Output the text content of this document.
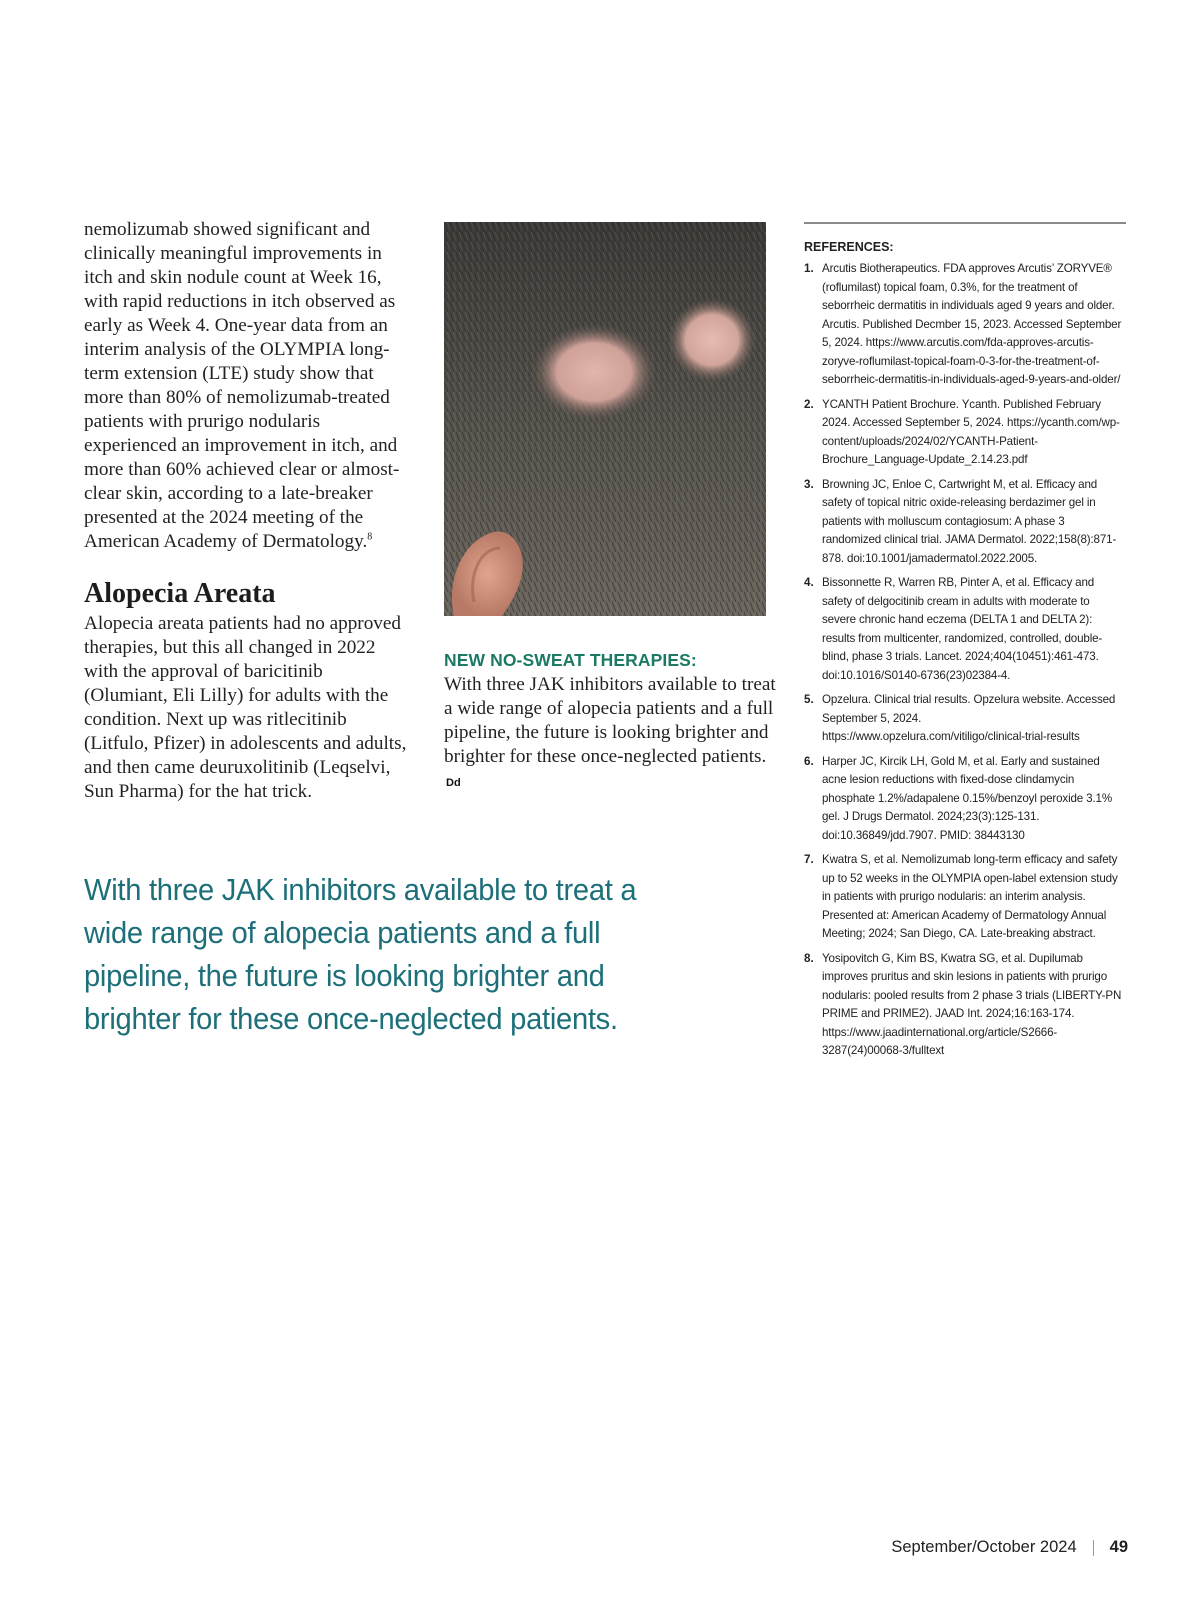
nemolizumab showed significant and clinically meaningful improvements in itch and skin nodule count at Week 16, with rapid reductions in itch observed as early as Week 4. One-year data from an interim analysis of the OLYMPIA long-term extension (LTE) study show that more than 80% of nemolizumab-treated patients with prurigo nodularis experienced an improvement in itch, and more than 60% achieved clear or almost-clear skin, according to a late-breaker presented at the 2024 meeting of the American Academy of Dermatology.$^8$

Alopecia Areata

Alopecia areata patients had no approved therapies, but this all changed in 2022 with the approval of baricitinib (Olumiant, Eli Lilly) for adults with the condition. Next up was ritlecitinib (Litfulo, Pfizer) in adolescents and adults, and then came deuruxolitinib (Leqselvi, Sun Pharma) for the hat trick.

NEW NO-SWEAT THERAPIES:

With three JAK inhibitors available to treat a wide range of alopecia patients and a full pipeline, the future is looking brighter and brighter for these once-neglected patients. Dd

With three JAK inhibitors available to treat a wide range of alopecia patients and a full pipeline, the future is looking brighter and brighter for these once-neglected patients.

REFERENCES:

1. Arcutis Biotherapeutics. FDA approves Arcutis’ ZORYVE® (roflumilast) topical foam, 0.3%, for the treatment of seborrheic dermatitis in individuals aged 9 years and older. Arcutis. Published Decmber 15, 2023. Accessed September 5, 2024. https://www.arcutis.com/fda-approves-arcutis-zoryve-roflumilast-topical-foam-0-3-for-the-treatment-of-seborrheic-dermatitis-in-individuals-aged-9-years-and-older/
2. YCANTH Patient Brochure. Ycanth. Published February 2024. Accessed September 5, 2024. https://ycanth.com/wp-content/uploads/2024/02/YCANTH-Patient-Brochure_Language-Update_2.14.23.pdf
3. Browning JC, Enloe C, Cartwright M, et al. Efficacy and safety of topical nitric oxide-releasing berdazimer gel in patients with molluscum contagiosum: A phase 3 randomized clinical trial. JAMA Dermatol. 2022;158(8):871-878. doi:10.1001/jamadermatol.2022.2005.
4. Bissonnette R, Warren RB, Pinter A, et al. Efficacy and safety of delgocitinib cream in adults with moderate to severe chronic hand eczema (DELTA 1 and DELTA 2): results from multicenter, randomized, controlled, double-blind, phase 3 trials. Lancet. 2024;404(10451):461-473. doi:10.1016/S0140-6736(23)02384-4.
5. Opzelura. Clinical trial results. Opzelura website. Accessed September 5, 2024. https://www.opzelura.com/vitiligo/clinical-trial-results
6. Harper JC, Kircik LH, Gold M, et al. Early and sustained acne lesion reductions with fixed-dose clindamycin phosphate 1.2%/adapalene 0.15%/benzoyl peroxide 3.1% gel. J Drugs Dermatol. 2024;23(3):125-131. doi:10.36849/jdd.7907. PMID: 38443130
7. Kwatra S, et al. Nemolizumab long-term efficacy and safety up to 52 weeks in the OLYMPIA open-label extension study in patients with prurigo nodularis: an interim analysis. Presented at: American Academy of Dermatology Annual Meeting; 2024; San Diego, CA. Late-breaking abstract.
8. Yosipovitch G, Kim BS, Kwatra SG, et al. Dupilumab improves pruritus and skin lesions in patients with prurigo nodularis: pooled results from 2 phase 3 trials (LIBERTY-PN PRIME and PRIME2). JAAD Int. 2024;16:163-174. https://www.jaadinternational.org/article/S2666-3287(24)00068-3/fulltext
September/October 2024 49
